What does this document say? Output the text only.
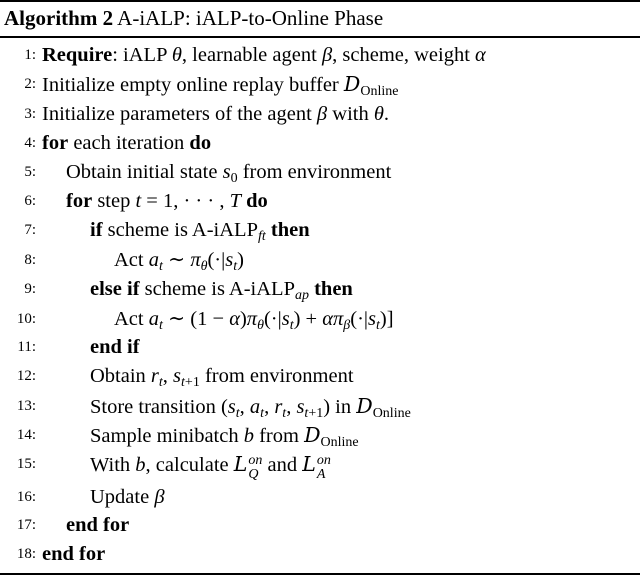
Algorithm 2 A-iALP: iALP-to-Online Phase
1: Require: iALP θ, learnable agent β, scheme, weight α
2: Initialize empty online replay buffer $D_{Online}$
3: Initialize parameters of the agent β with θ.
4: for each iteration do
5: Obtain initial state $s_0$ from environment
6: for step t = 1, · · · , T do
7:	if scheme is A-iALP$_{ft}$ then
8:	Act $a_t$ ∼ $\pi_\theta(\cdot|s_t)$
9:	else if scheme is A-iALP$_{ap}$ then
10:	Act $a_t$ ∼ $(1 - \alpha)\pi_\theta(\cdot|s_t) + \alpha\pi_\beta(\cdot|s_t)$]
11:	end if
12:	Obtain $r_t$, $s_{t+1}$ from environment
13:	Store transition ($s_t$, $a_t$, $r_t$, $s_{t+1}$) in $D_{Online}$
14:	Sample minibatch b from $D_{Online}$
15:	With b, calculate L on
Q and L on
A
16:	Update β
17: end for
18: end for
